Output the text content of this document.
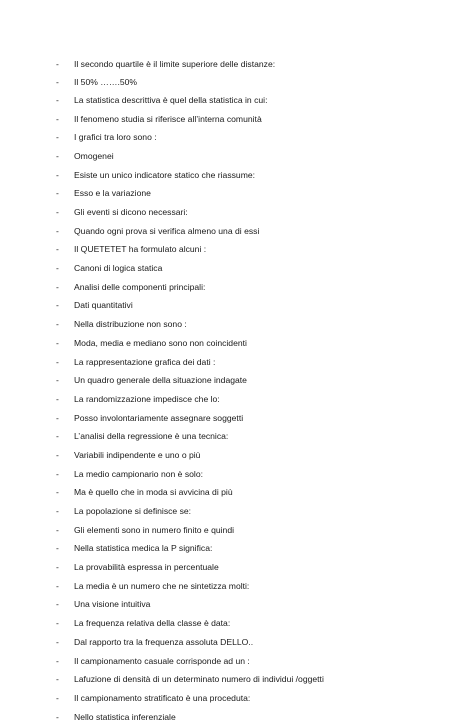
- Il secondo quartile è il limite superiore delle distanze:
- Il 50% …….50%
- La statistica descrittiva è quel della statistica in cui:
- Il fenomeno studia si riferisce all’interna comunità
- I grafici tra loro sono :
- Omogenei
- Esiste un unico indicatore statico che riassume:
- Esso e la variazione
- Gli eventi si dicono necessari:
- Quando ogni prova si verifica almeno una di essi
- Il QUETETET ha formulato alcuni :
- Canoni di logica statica
- Analisi delle componenti principali:
- Dati quantitativi
- Nella distribuzione non sono :
- Moda, media e mediano sono non coincidenti
- La rappresentazione grafica dei dati :
- Un quadro generale della situazione indagate
- La randomizzazione impedisce che lo:
- Posso involontariamente assegnare soggetti
- L’analisi della regressione è una tecnica:
- Variabili indipendente e uno o più
- La medio campionario non è solo:
- Ma è quello che in moda si avvicina di più
- La popolazione si definisce se:
- Gli elementi sono in numero finito e quindi
- Nella statistica medica la P significa:
- La provabilità espressa in percentuale
- La media è un numero che ne sintetizza molti:
- Una visione intuitiva
- La frequenza relativa della classe è data:
- Dal rapporto tra la frequenza assoluta DELLO..
- Il campionamento casuale corrisponde ad un :
- Lafuzione di densità di un determinato numero di individui /oggetti
- Il campionamento stratificato è una proceduta:
- Nello statistica inferenziale
